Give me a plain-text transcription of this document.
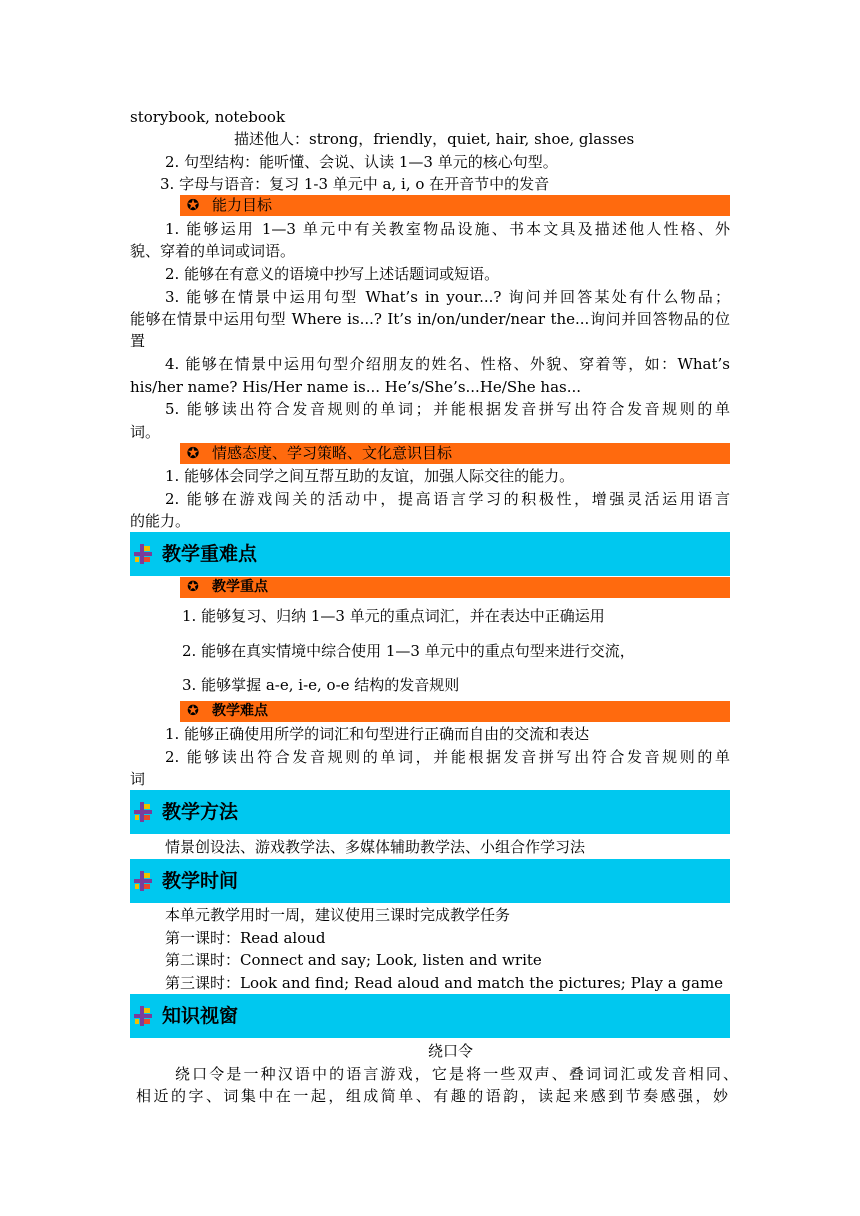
storybook, notebook
描述他人：strong，friendly，quiet, hair, shoe, glasses
2. 句型结构：能听懂、会说、认读 1—3 单元的核心句型。
3. 字母与语音：复习 1-3 单元中 a, i, o 在开音节中的发音
✪ 能力目标
1. 能够运用 1—3 单元中有关教室物品设施、书本文具及描述他人性格、外
貌、穿着的单词或词语。
2. 能够在有意义的语境中抄写上述话题词或短语。
3. 能够在情景中运用句型 What’s in your...? 询问并回答某处有什么物品；
能够在情景中运用句型 Where is...? It’s in/on/under/near the...询问并回答物品的位
置
4. 能够在情景中运用句型介绍朋友的姓名、性格、外貌、穿着等，如：What’s
his/her name? His/Her name is... He’s/She’s...He/She has...
5. 能够读出符合发音规则的单词；并能根据发音拼写出符合发音规则的单
词。
✪ 情感态度、学习策略、文化意识目标
1. 能够体会同学之间互帮互助的友谊，加强人际交往的能力。
2. 能够在游戏闯关的活动中，提高语言学习的积极性，增强灵活运用语言
的能力。
教学重难点
✪ 教学重点
1. 能够复习、归纳 1—3 单元的重点词汇，并在表达中正确运用
2. 能够在真实情境中综合使用 1—3 单元中的重点句型来进行交流，
3. 能够掌握 a-e, i-e, o-e 结构的发音规则
✪ 教学难点
1. 能够正确使用所学的词汇和句型进行正确而自由的交流和表达
2. 能够读出符合发音规则的单词，并能根据发音拼写出符合发音规则的单
词
教学方法
情景创设法、游戏教学法、多媒体辅助教学法、小组合作学习法
教学时间
本单元教学用时一周，建议使用三课时完成教学任务
第一课时：Read aloud
第二课时：Connect and say; Look, listen and write
第三课时：Look and find; Read aloud and match the pictures; Play a game
知识视窗
绕口令
绕口令是一种汉语中的语言游戏，它是将一些双声、叠词词汇或发音相同、
相近的字、词集中在一起，组成简单、有趣的语韵，读起来感到节奏感强，妙
